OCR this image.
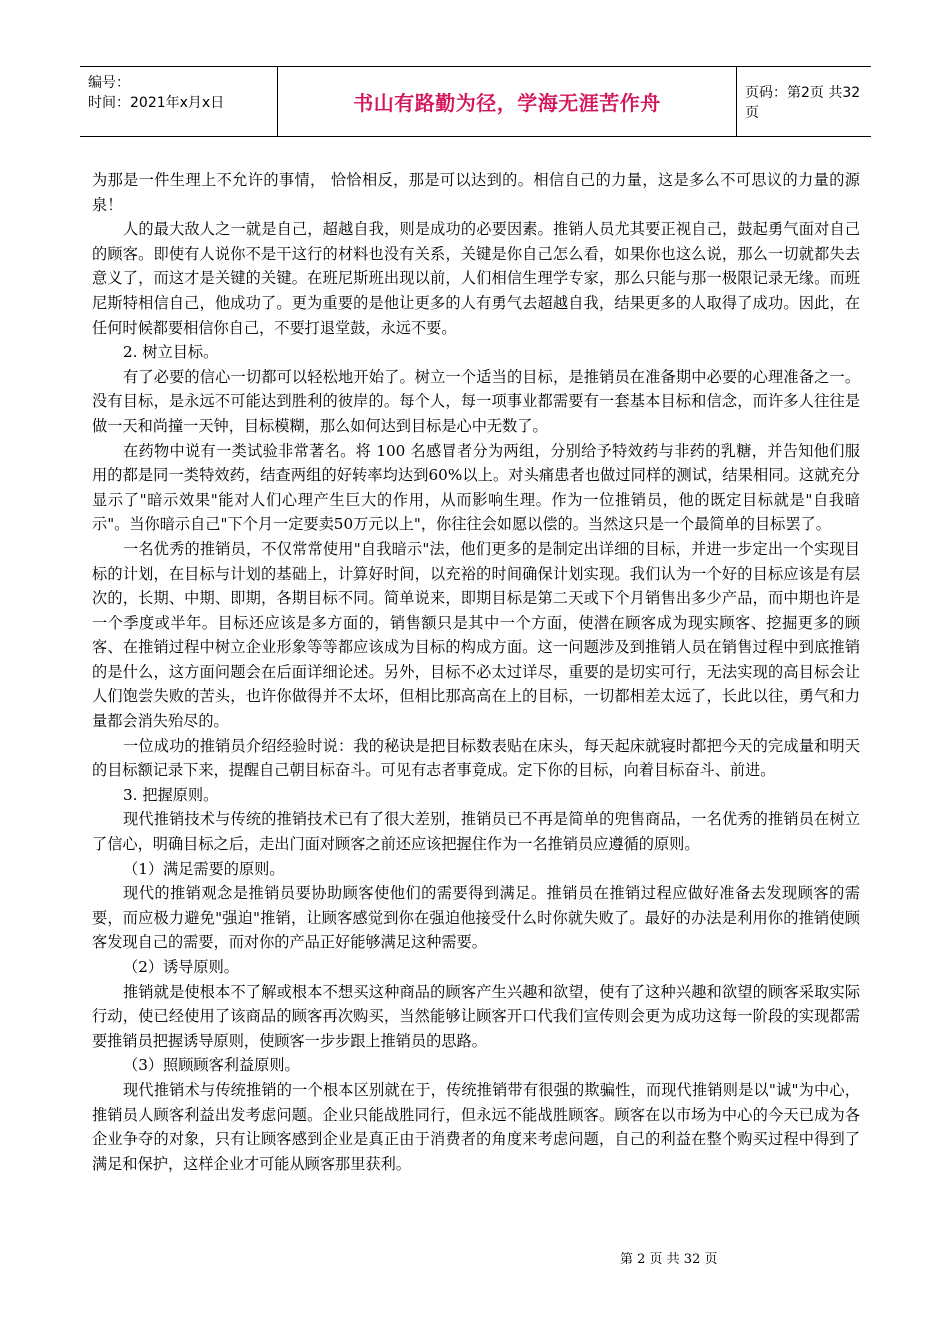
编号：
时间：2021年x月x日	书山有路勤为径，学海无涯苦作舟	页码：第2页 共32页

为那是一件生理上不允许的事情， 恰恰相反，那是可以达到的。相信自己的力量，这是多么不可思议的力量的源泉！

人的最大敌人之一就是自己，超越自我，则是成功的必要因素。推销人员尤其要正视自己，鼓起勇气面对自己的顾客。即使有人说你不是干这行的材料也没有关系，关键是你自己怎么看，如果你也这么说，那么一切就都失去意义了，而这才是关键的关键。在班尼斯班出现以前，人们相信生理学专家，那么只能与那一极限记录无缘。而班尼斯特相信自己，他成功了。更为重要的是他让更多的人有勇气去超越自我，结果更多的人取得了成功。因此，在任何时候都要相信你自己，不要打退堂鼓，永远不要。

2. 树立目标。

有了必要的信心一切都可以轻松地开始了。树立一个适当的目标，是推销员在准备期中必要的心理准备之一。没有目标，是永远不可能达到胜利的彼岸的。每个人，每一项事业都需要有一套基本目标和信念，而许多人往往是做一天和尚撞一天钟，目标模糊，那么如何达到目标是心中无数了。

在药物中说有一类试验非常著名。将 100 名感冒者分为两组，分别给予特效药与非药的乳糖，并告知他们服用的都是同一类特效药，结查两组的好转率均达到60%以上。对头痛患者也做过同样的测试，结果相同。这就充分显示了"暗示效果"能对人们心理产生巨大的作用，从而影响生理。作为一位推销员，他的既定目标就是"自我暗示"。当你暗示自己"下个月一定要卖50万元以上"，你往往会如愿以偿的。当然这只是一个最简单的目标罢了。

一名优秀的推销员，不仅常常使用"自我暗示"法，他们更多的是制定出详细的目标，并进一步定出一个实现目标的计划，在目标与计划的基础上，计算好时间，以充裕的时间确保计划实现。我们认为一个好的目标应该是有层次的，长期、中期、即期，各期目标不同。简单说来，即期目标是第二天或下个月销售出多少产品，而中期也许是一个季度或半年。目标还应该是多方面的，销售额只是其中一个方面，使潜在顾客成为现实顾客、挖掘更多的顾客、在推销过程中树立企业形象等等都应该成为目标的构成方面。这一问题涉及到推销人员在销售过程中到底推销的是什么，这方面问题会在后面详细论述。另外，目标不必太过详尽，重要的是切实可行，无法实现的高目标会让人们饱尝失败的苦头，也许你做得并不太坏，但相比那高高在上的目标，一切都相差太远了，长此以往，勇气和力量都会消失殆尽的。

一位成功的推销员介绍经验时说：我的秘诀是把目标数表贴在床头，每天起床就寝时都把今天的完成量和明天的目标额记录下来，提醒自己朝目标奋斗。可见有志者事竟成。定下你的目标，向着目标奋斗、前进。

3. 把握原则。

现代推销技术与传统的推销技术已有了很大差别，推销员已不再是简单的兜售商品，一名优秀的推销员在树立了信心，明确目标之后，走出门面对顾客之前还应该把握住作为一名推销员应遵循的原则。

（1）满足需要的原则。

现代的推销观念是推销员要协助顾客使他们的需要得到满足。推销员在推销过程应做好准备去发现顾客的需要，而应极力避免"强迫"推销，让顾客感觉到你在强迫他接受什么时你就失败了。最好的办法是利用你的推销使顾客发现自己的需要，而对你的产品正好能够满足这种需要。

（2）诱导原则。

推销就是使根本不了解或根本不想买这种商品的顾客产生兴趣和欲望，使有了这种兴趣和欲望的顾客采取实际行动，使已经使用了该商品的顾客再次购买，当然能够让顾客开口代我们宣传则会更为成功这每一阶段的实现都需要推销员把握诱导原则，使顾客一步步跟上推销员的思路。

（3）照顾顾客利益原则。

现代推销术与传统推销的一个根本区别就在于，传统推销带有很强的欺骗性，而现代推销则是以"诚"为中心，推销员人顾客利益出发考虑问题。企业只能战胜同行，但永远不能战胜顾客。顾客在以市场为中心的今天已成为各企业争夺的对象，只有让顾客感到企业是真正由于消费者的角度来考虑问题，自己的利益在整个购买过程中得到了满足和保护，这样企业才可能从顾客那里获利。

第 2 页 共 32 页
